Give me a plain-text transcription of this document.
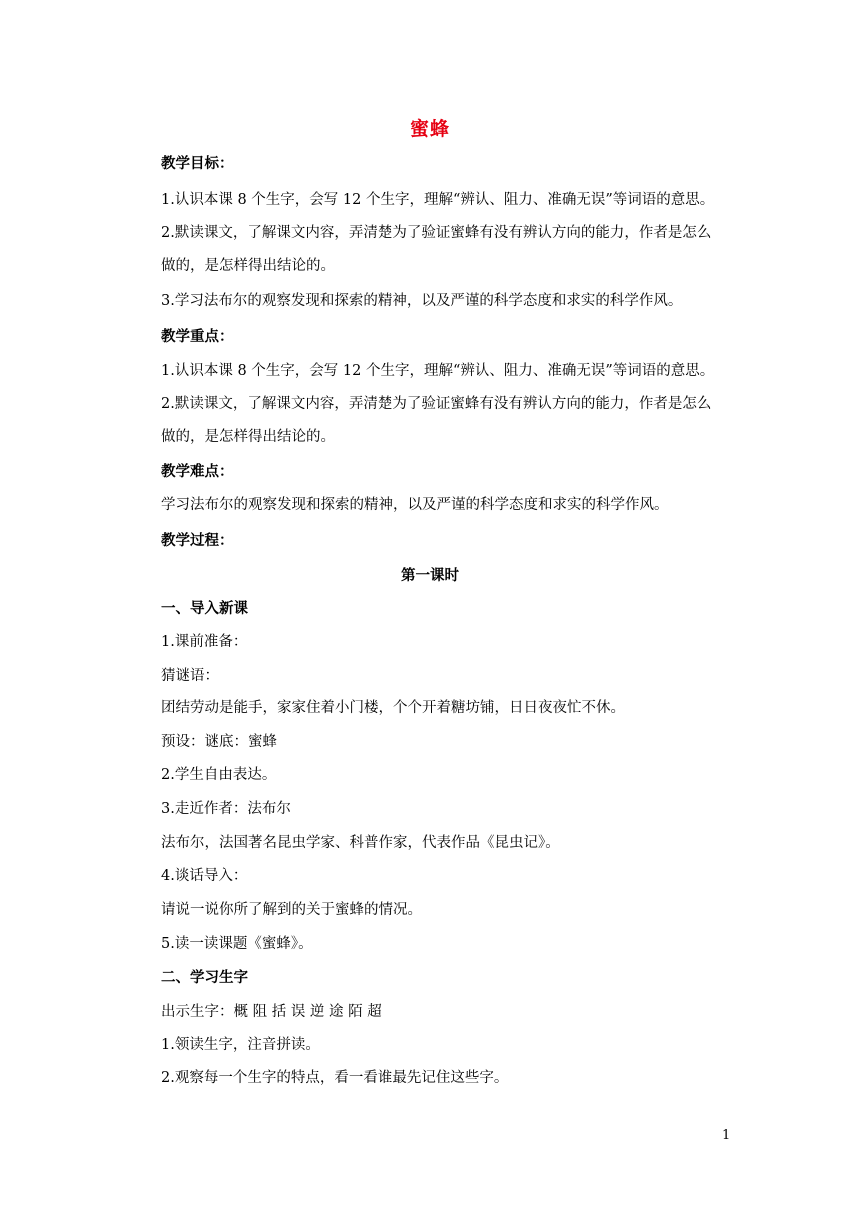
蜜蜂
教学目标：
1.认识本课 8 个生字，会写 12 个生字，理解“辨认、阻力、准确无误”等词语的意思。
2.默读课文，了解课文内容，弄清楚为了验证蜜蜂有没有辨认方向的能力，作者是怎么
做的，是怎样得出结论的。
3.学习法布尔的观察发现和探索的精神，以及严谨的科学态度和求实的科学作风。
教学重点：
1.认识本课 8 个生字，会写 12 个生字，理解“辨认、阻力、准确无误”等词语的意思。
2.默读课文，了解课文内容，弄清楚为了验证蜜蜂有没有辨认方向的能力，作者是怎么
做的，是怎样得出结论的。
教学难点：
学习法布尔的观察发现和探索的精神，以及严谨的科学态度和求实的科学作风。
教学过程：
第一课时
一、导入新课
1.课前准备：
猜谜语：
团结劳动是能手，家家住着小门楼，个个开着糖坊铺，日日夜夜忙不休。
预设：谜底：蜜蜂
2.学生自由表达。
3.走近作者：法布尔
法布尔，法国著名昆虫学家、科普作家，代表作品《昆虫记》。
4.谈话导入：
请说一说你所了解到的关于蜜蜂的情况。
5.读一读课题《蜜蜂》。
二、学习生字
出示生字：概 阻 括 误 逆 途 陌 超
1.领读生字，注音拼读。
2.观察每一个生字的特点，看一看谁最先记住这些字。
1
